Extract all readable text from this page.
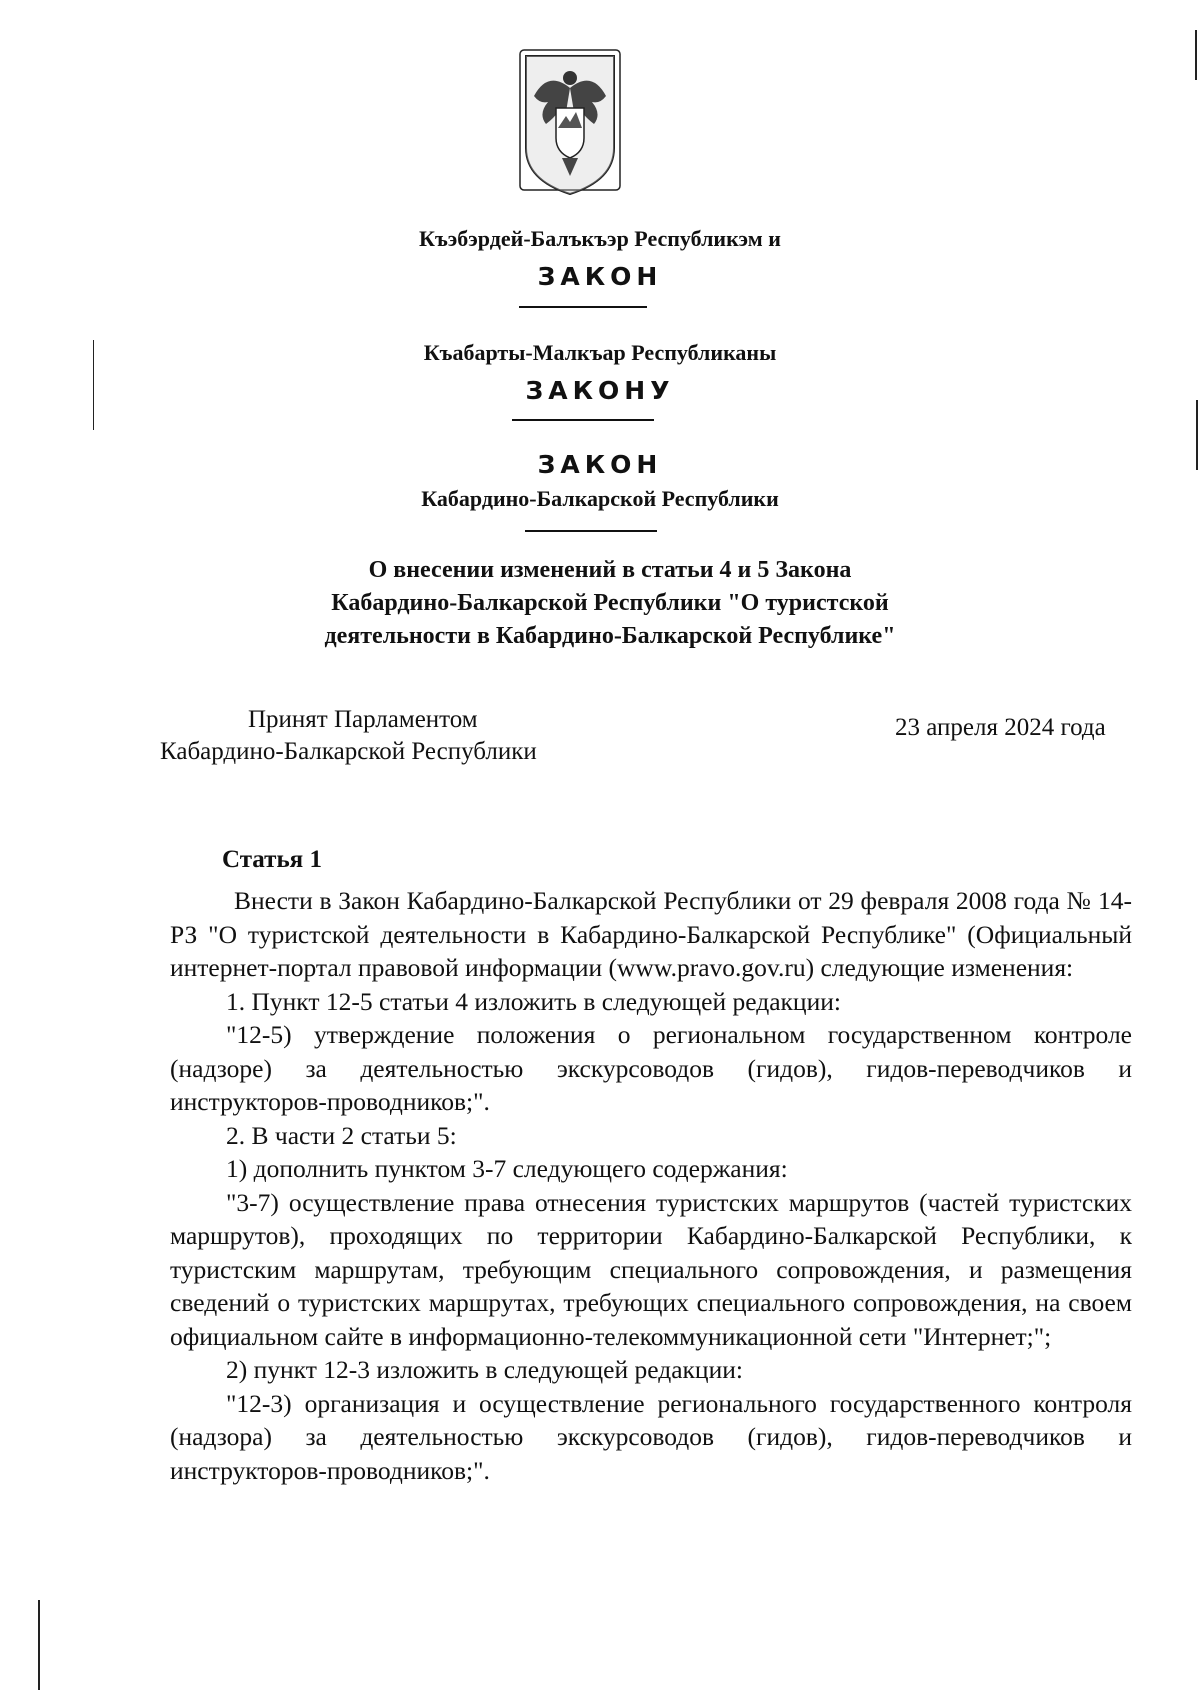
Къэбэрдей-Балъкъэр Республикэм и
ЗАКОН
Къабарты-Малкъар Республиканы
ЗАКОНУ
ЗАКОН
Кабардино-Балкарской Республики
О внесении изменений в статьи 4 и 5 Закона
Кабардино-Балкарской Республики "О туристской
деятельности в Кабардино-Балкарской Республике"
Принят Парламентом
Кабардино-Балкарской Республики
23 апреля 2024 года
Статья 1

Внести в Закон Кабардино-Балкарской Республики от 29 февраля 2008 года № 14-РЗ "О туристской деятельности в Кабардино-Балкарской Республике" (Официальный интернет-портал правовой информации (www.pravo.gov.ru) следующие изменения:

1. Пункт 12-5 статьи 4 изложить в следующей редакции:

"12-5) утверждение положения о региональном государственном контроле (надзоре) за деятельностью экскурсоводов (гидов), гидов-переводчиков и инструкторов-проводников;".

2. В части 2 статьи 5:

1) дополнить пунктом 3-7 следующего содержания:

"3-7) осуществление права отнесения туристских маршрутов (частей туристских маршрутов), проходящих по территории Кабардино-Балкарской Республики, к туристским маршрутам, требующим специального сопровождения, и размещения сведений о туристских маршрутах, требующих специального сопровождения, на своем официальном сайте в информационно-телекоммуникационной сети "Интернет;";

2) пункт 12-3 изложить в следующей редакции:

"12-3) организация и осуществление регионального государственного контроля (надзора) за деятельностью экскурсоводов (гидов), гидов-переводчиков и инструкторов-проводников;".
